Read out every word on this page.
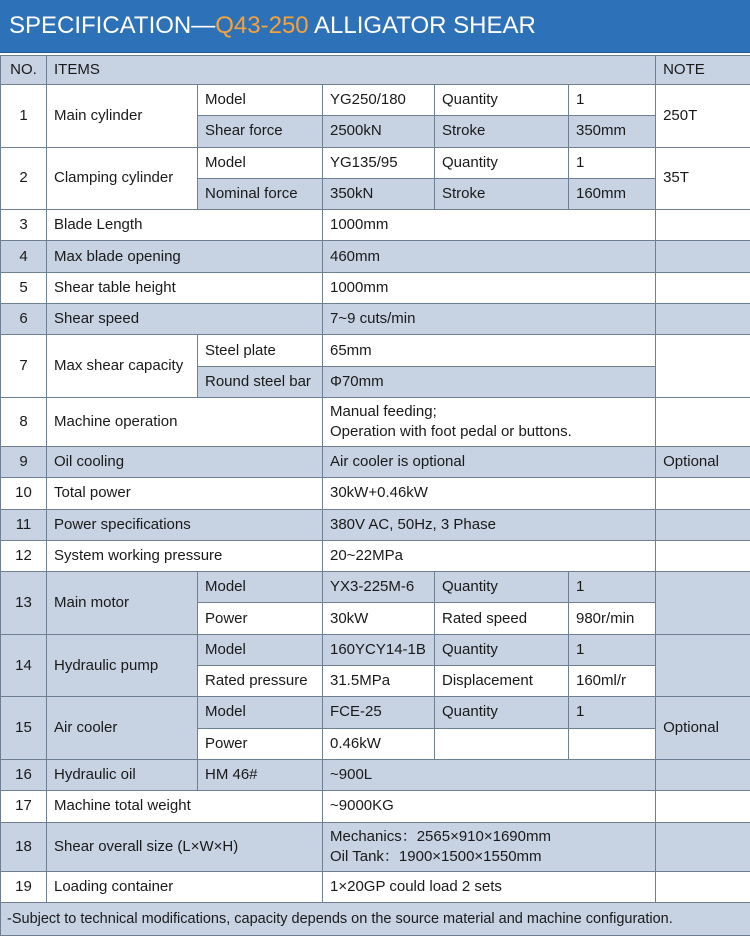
SPECIFICATION—Q43-250 ALLIGATOR SHEAR
NO.	ITEMS					NOTE
1	Main cylinder	Model	YG250/180	Quantity	1	250T
		Shear force	2500kN	Stroke	350mm	
2	Clamping cylinder	Model	YG135/95	Quantity	1	35T
		Nominal force	350kN	Stroke	160mm	
3	Blade Length		1000mm			
4	Max blade opening		460mm			
5	Shear table height		1000mm			
6	Shear speed		7~9 cuts/min			
7	Max shear capacity	Steel plate	65mm			
		Round steel bar	Φ70mm			
8	Machine operation		Manual feeding;
Operation with foot pedal or buttons.			

9	Oil cooling		Air cooler is optional			Optional
10	Total power		30kW+0.46kW			
11	Power specifications		380V AC, 50Hz, 3 Phase			
12	System working pressure		20~22MPa			
13	Main motor	Model	YX3-225M-6	Quantity	1	
		Power	30kW	Rated speed	980r/min	
14	Hydraulic pump	Model	160YCY14-1B	Quantity	1	
		Rated pressure	31.5MPa	Displacement	160ml/r	
15	Air cooler	Model	FCE-25	Quantity	1	Optional
		Power	0.46kW			
16	Hydraulic oil	HM 46#	~900L			
17	Machine total weight		~9000KG			
18	Shear overall size (L×W×H)		Mechanics：2565×910×1690mm
Oil Tank：1900×1500×1550mm			

19	Loading container		1×20GP could load 2 sets			
-Subject to technical modifications, capacity depends on the source material and machine configuration.						
